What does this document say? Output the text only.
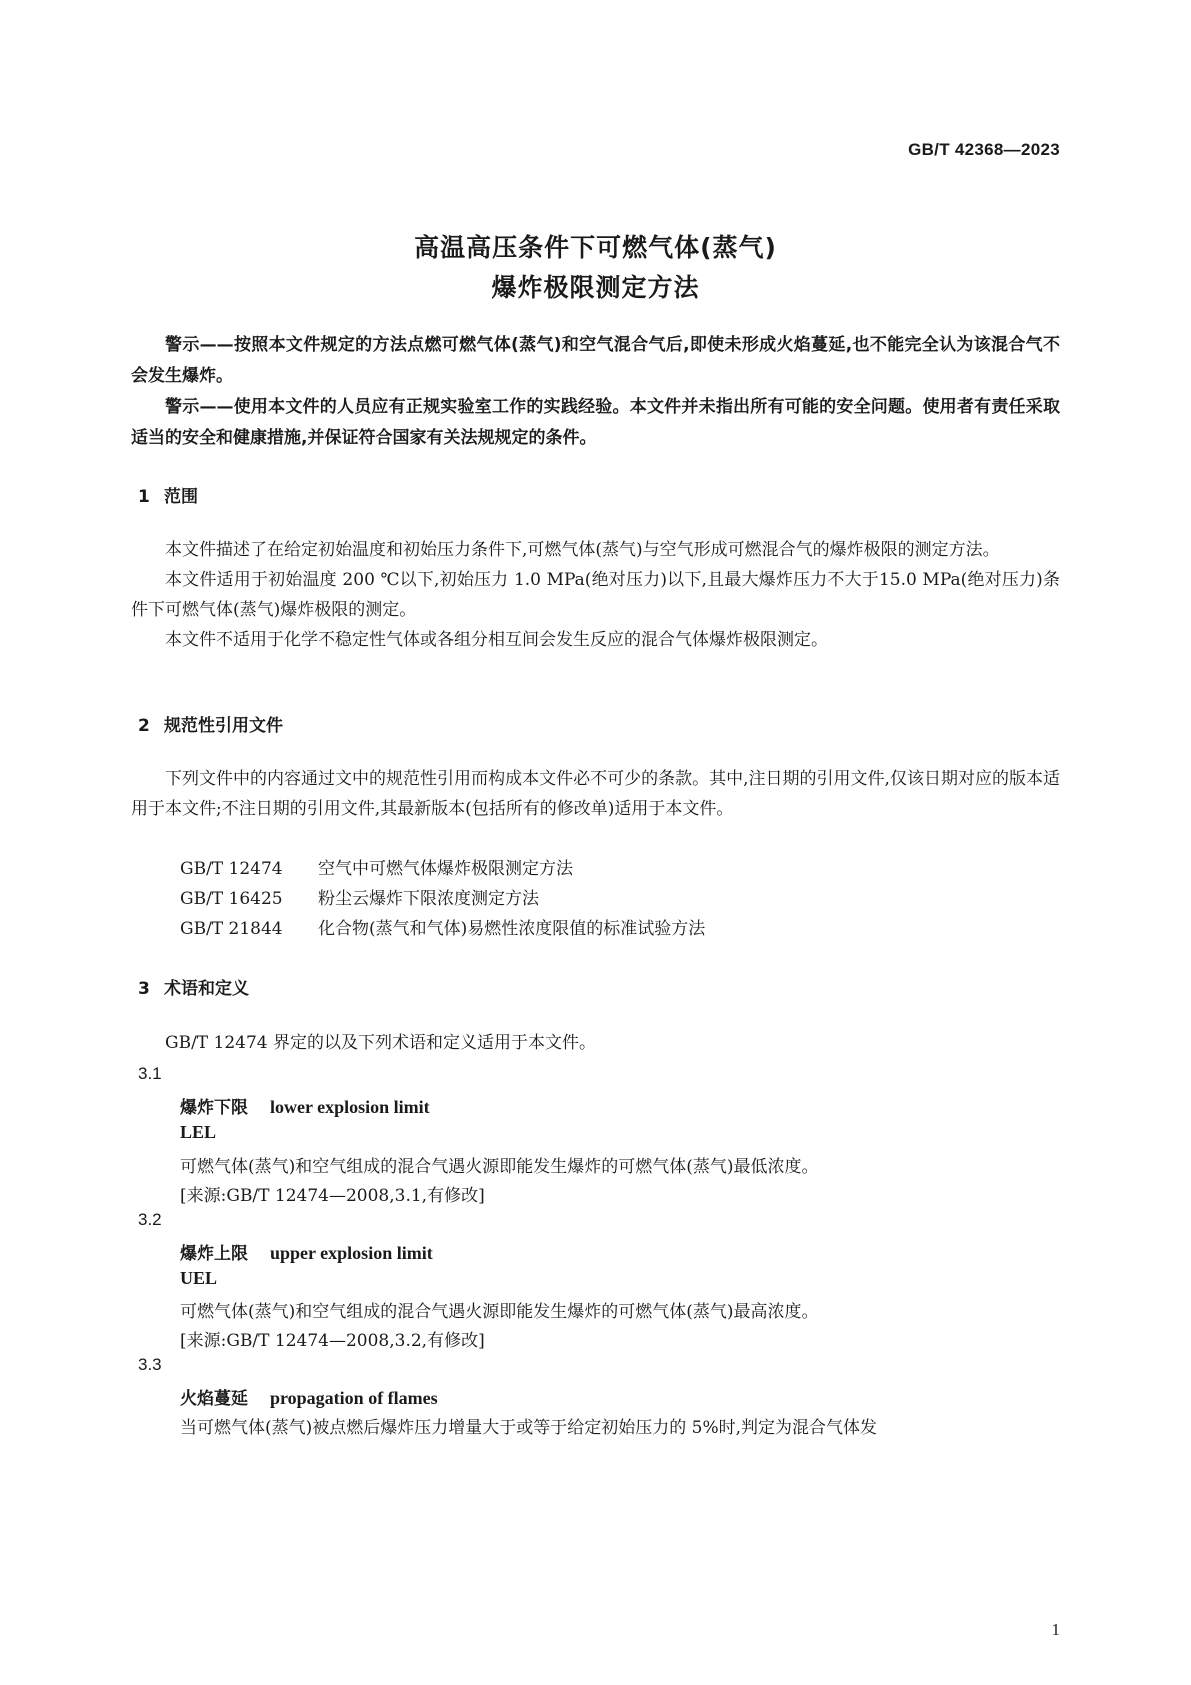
GB/T 42368—2023
高温高压条件下可燃气体(蒸气)
爆炸极限测定方法

警示——按照本文件规定的方法点燃可燃气体(蒸气)和空气混合气后,即使未形成火焰蔓延,也不能完全认为该混合气不会发生爆炸。

警示——使用本文件的人员应有正规实验室工作的实践经验。本文件并未指出所有可能的安全问题。使用者有责任采取适当的安全和健康措施,并保证符合国家有关法规规定的条件。

1 范围

本文件描述了在给定初始温度和初始压力条件下,可燃气体(蒸气)与空气形成可燃混合气的爆炸极限的测定方法。

本文件适用于初始温度 200 ℃以下,初始压力 1.0 MPa(绝对压力)以下,且最大爆炸压力不大于15.0 MPa(绝对压力)条件下可燃气体(蒸气)爆炸极限的测定。

本文件不适用于化学不稳定性气体或各组分相互间会发生反应的混合气体爆炸极限测定。

2 规范性引用文件

下列文件中的内容通过文中的规范性引用而构成本文件必不可少的条款。其中,注日期的引用文件,仅该日期对应的版本适用于本文件;不注日期的引用文件,其最新版本(包括所有的修改单)适用于本文件。

GB/T 12474 空气中可燃气体爆炸极限测定方法
GB/T 16425 粉尘云爆炸下限浓度测定方法
GB/T 21844 化合物(蒸气和气体)易燃性浓度限值的标准试验方法
3 术语和定义

GB/T 12474 界定的以及下列术语和定义适用于本文件。

3.1
爆炸下限 lower explosion limit
LEL
可燃气体(蒸气)和空气组成的混合气遇火源即能发生爆炸的可燃气体(蒸气)最低浓度。
[来源:GB/T 12474—2008,3.1,有修改]
3.2
爆炸上限 upper explosion limit
UEL
可燃气体(蒸气)和空气组成的混合气遇火源即能发生爆炸的可燃气体(蒸气)最高浓度。
[来源:GB/T 12474—2008,3.2,有修改]
3.3
火焰蔓延 propagation of flames
当可燃气体(蒸气)被点燃后爆炸压力增量大于或等于给定初始压力的 5%时,判定为混合气体发
1
